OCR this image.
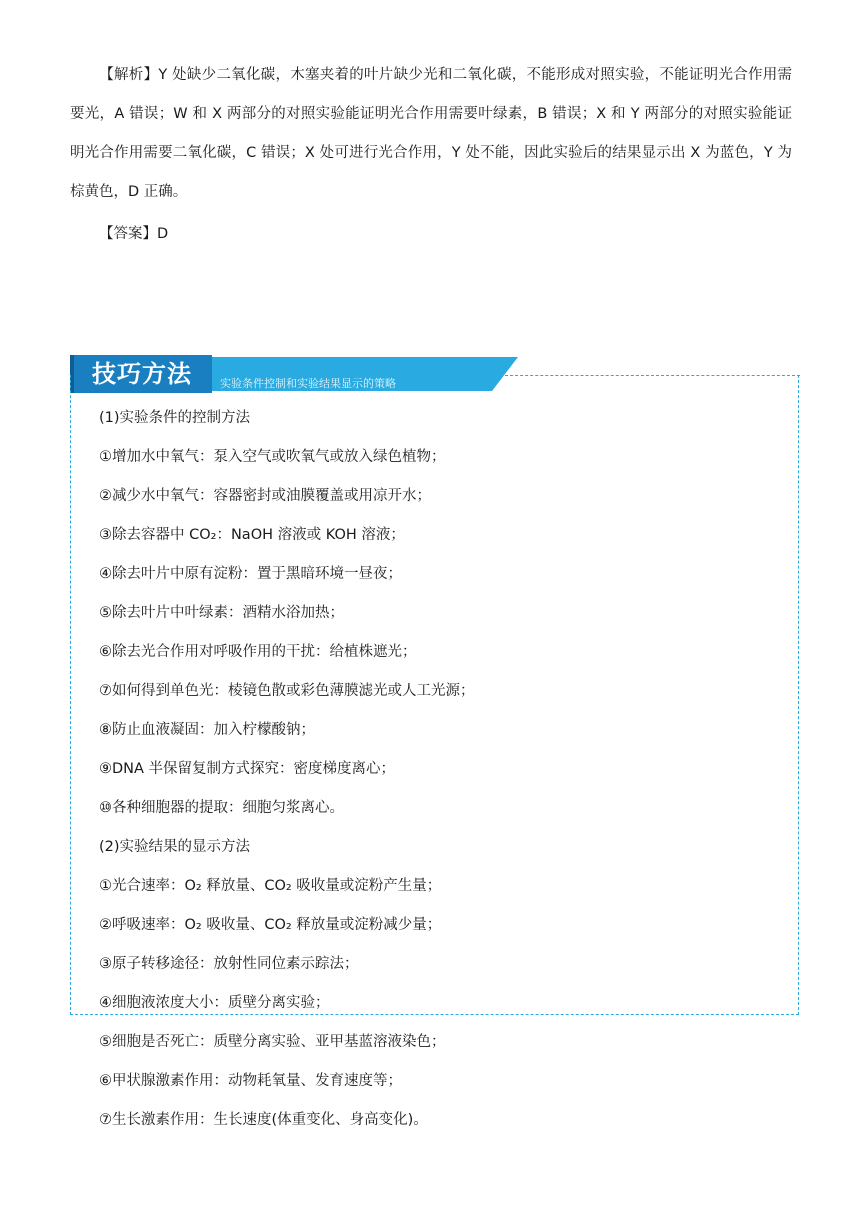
【解析】Y 处缺少二氧化碳，木塞夹着的叶片缺少光和二氧化碳，不能形成对照实验，不能证明光合作用需要光，A 错误；W 和 X 两部分的对照实验能证明光合作用需要叶绿素，B 错误；X 和 Y 两部分的对照实验能证明光合作用需要二氧化碳，C 错误；X 处可进行光合作用，Y 处不能，因此实验后的结果显示出 X 为蓝色，Y 为棕黄色，D 正确。

【答案】D
技巧方法	实验条件控制和实验结果显示的策略
(1)实验条件的控制方法
①增加水中氧气：泵入空气或吹氧气或放入绿色植物；
②减少水中氧气：容器密封或油膜覆盖或用凉开水；
③除去容器中 CO₂：NaOH 溶液或 KOH 溶液；
④除去叶片中原有淀粉：置于黑暗环境一昼夜；
⑤除去叶片中叶绿素：酒精水浴加热；
⑥除去光合作用对呼吸作用的干扰：给植株遮光；
⑦如何得到单色光：棱镜色散或彩色薄膜滤光或人工光源；
⑧防止血液凝固：加入柠檬酸钠；
⑨DNA 半保留复制方式探究：密度梯度离心；
⑩各种细胞器的提取：细胞匀浆离心。
(2)实验结果的显示方法
①光合速率：O₂ 释放量、CO₂ 吸收量或淀粉产生量；
②呼吸速率：O₂ 吸收量、CO₂ 释放量或淀粉减少量；
③原子转移途径：放射性同位素示踪法；
④细胞液浓度大小：质壁分离实验；
⑤细胞是否死亡：质壁分离实验、亚甲基蓝溶液染色；
⑥甲状腺激素作用：动物耗氧量、发育速度等；
⑦生长激素作用：生长速度(体重变化、身高变化)。
